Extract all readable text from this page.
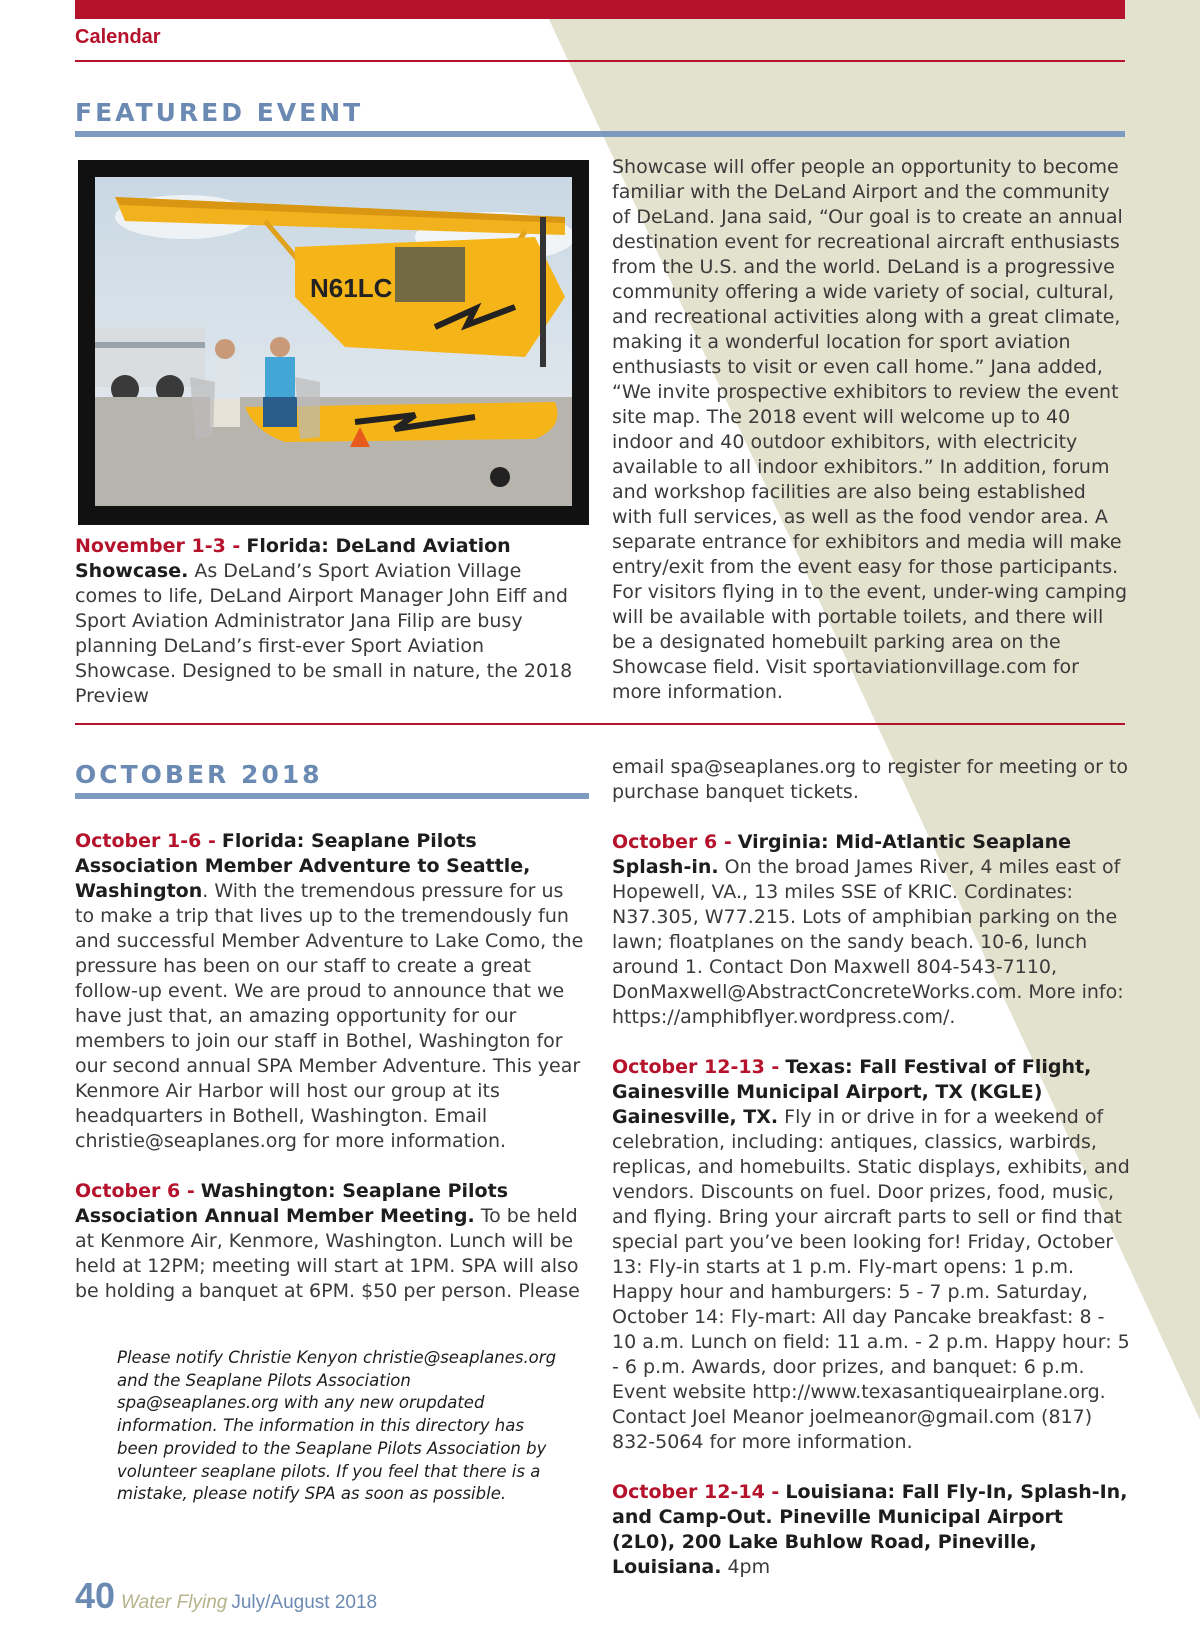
Calendar
FEATURED EVENT
N61LC

November 1-3 - Florida: DeLand Aviation Showcase. As DeLand’s Sport Aviation Village comes to life, DeLand Airport Manager John Eiff and Sport Aviation Administrator Jana Filip are busy planning DeLand’s first-ever Sport Aviation Showcase. Designed to be small in nature, the 2018 Preview

Showcase will offer people an opportunity to become familiar with the DeLand Airport and the community of DeLand. Jana said, “Our goal is to create an annual destination event for recreational aircraft enthusiasts from the U.S. and the world. DeLand is a progressive community offering a wide variety of social, cultural, and recreational activities along with a great climate, making it a wonderful location for sport aviation enthusiasts to visit or even call home.” Jana added, “We invite prospective exhibitors to review the event site map. The 2018 event will welcome up to 40 indoor and 40 outdoor exhibitors, with electricity available to all indoor exhibitors.” In addition, forum and workshop facilities are also being established with full services, as well as the food vendor area. A separate entrance for exhibitors and media will make entry/exit from the event easy for those participants. For visitors flying in to the event, under-wing camping will be available with portable toilets, and there will be a designated homebuilt parking area on the Showcase field. Visit sportaviationvillage.com for more information.

OCTOBER 2018

October 1-6 - Florida: Seaplane Pilots Association Member Adventure to Seattle, Washington. With the tremendous pressure for us to make a trip that lives up to the tremendously fun and successful Member Adventure to Lake Como, the pressure has been on our staff to create a great follow-up event. We are proud to announce that we have just that, an amazing opportunity for our members to join our staff in Bothel, Washington for our second annual SPA Member Adventure. This year Kenmore Air Harbor will host our group at its headquarters in Bothell, Washington. Email christie@seaplanes.org for more information.

October 6 - Washington: Seaplane Pilots Association Annual Member Meeting. To be held at Kenmore Air, Kenmore, Washington. Lunch will be held at 12PM; meeting will start at 1PM. SPA will also be holding a banquet at 6PM. $50 per person. Please

Please notify Christie Kenyon christie@seaplanes.org and the Seaplane Pilots Association spa@seaplanes.org with any new orupdated information. The information in this directory has been provided to the Seaplane Pilots Association by volunteer seaplane pilots. If you feel that there is a mistake, please notify SPA as soon as possible.

email spa@seaplanes.org to register for meeting or to purchase banquet tickets.

October 6 - Virginia: Mid-Atlantic Seaplane Splash-in. On the broad James River, 4 miles east of Hopewell, VA., 13 miles SSE of KRIC. Cordinates: N37.305, W77.215. Lots of amphibian parking on the lawn; floatplanes on the sandy beach. 10-6, lunch around 1. Contact Don Maxwell 804-543-7110, DonMaxwell@AbstractConcreteWorks.com. More info: https://amphibflyer.wordpress.com/.

October 12-13 - Texas: Fall Festival of Flight, Gainesville Municipal Airport, TX (KGLE) Gainesville, TX. Fly in or drive in for a weekend of celebration, including: antiques, classics, warbirds, replicas, and homebuilts. Static displays, exhibits, and vendors. Discounts on fuel. Door prizes, food, music, and flying. Bring your aircraft parts to sell or find that special part you’ve been looking for! Friday, October 13: Fly-in starts at 1 p.m. Fly-mart opens: 1 p.m. Happy hour and hamburgers: 5 - 7 p.m. Saturday, October 14: Fly-mart: All day Pancake breakfast: 8 - 10 a.m. Lunch on field: 11 a.m. - 2 p.m. Happy hour: 5 - 6 p.m. Awards, door prizes, and banquet: 6 p.m. Event website http://www.texasantiqueairplane.org. Contact Joel Meanor joelmeanor@gmail.com (817) 832-5064 for more information.

October 12-14 - Louisiana: Fall Fly-In, Splash-In, and Camp-Out. Pineville Municipal Airport (2L0), 200 Lake Buhlow Road, Pineville, Louisiana. 4pm

40 Water Flying July/August 2018
